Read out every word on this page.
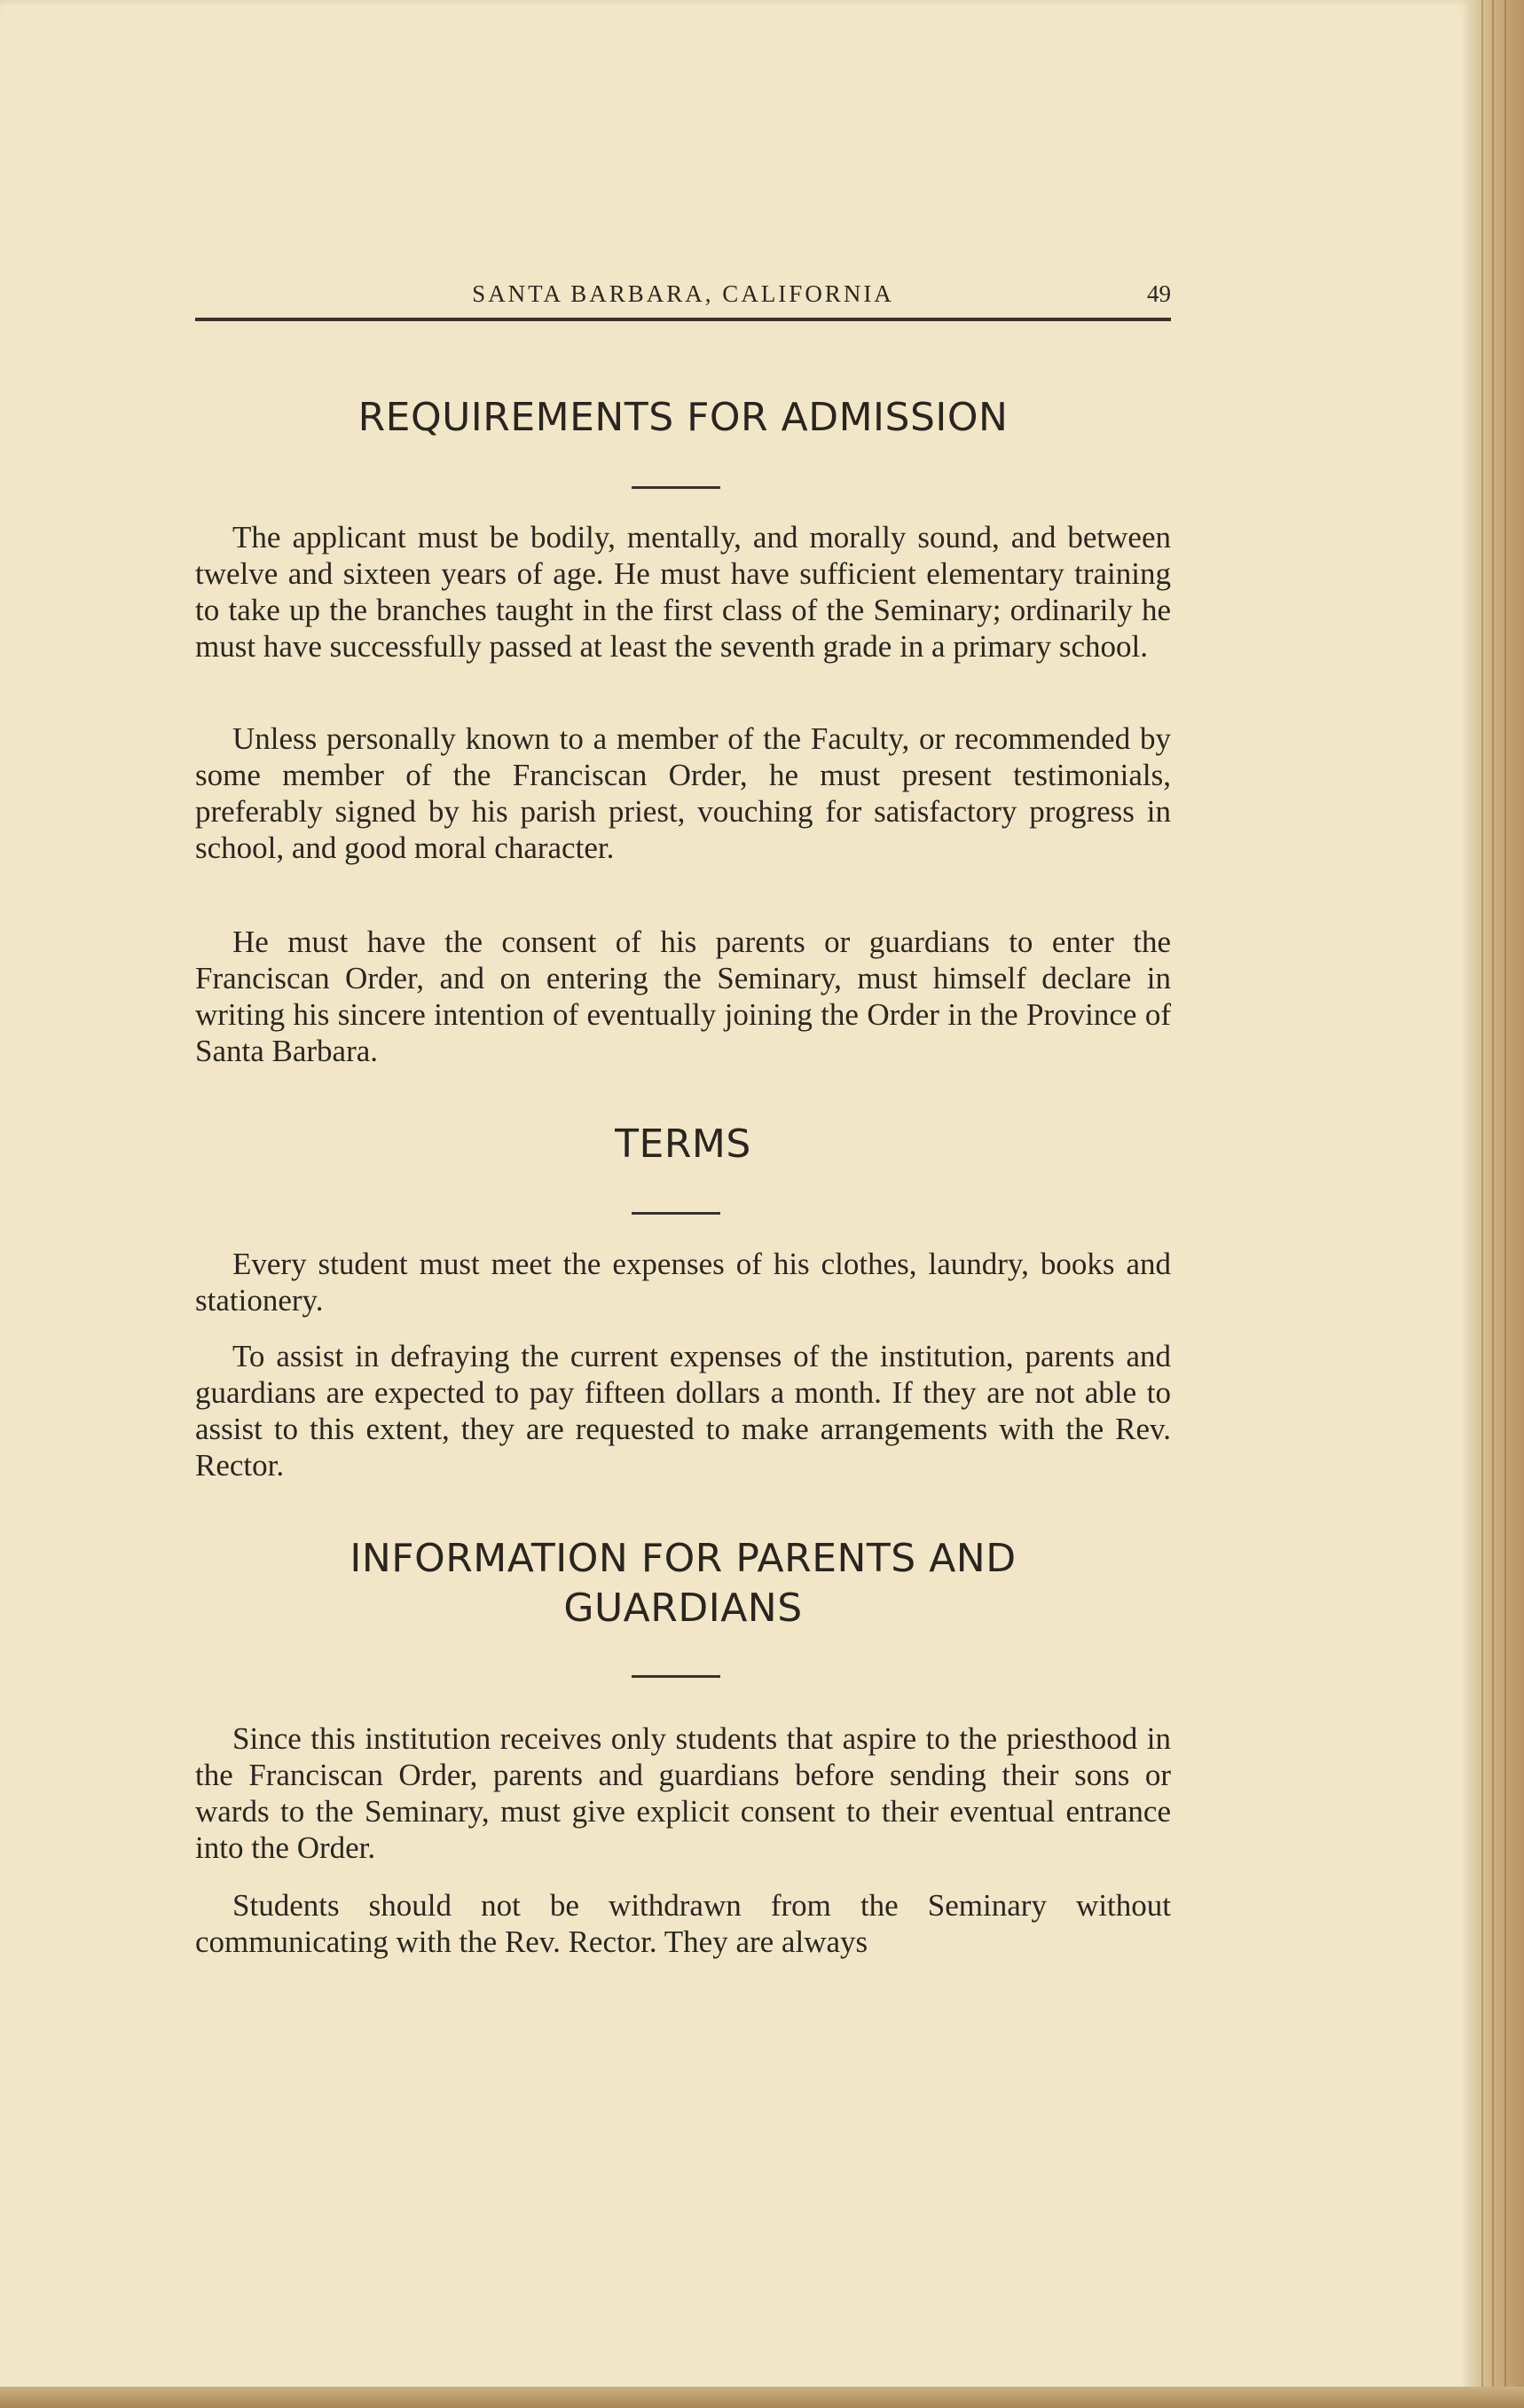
SANTA BARBARA, CALIFORNIA	49
REQUIREMENTS FOR ADMISSION

The applicant must be bodily, mentally, and morally sound, and between twelve and sixteen years of age. He must have sufficient elementary training to take up the branches taught in the first class of the Seminary; ordinarily he must have successfully passed at least the seventh grade in a primary school.

Unless personally known to a member of the Faculty, or recommended by some member of the Franciscan Order, he must present testimonials, preferably signed by his parish priest, vouching for satisfactory progress in school, and good moral character.

He must have the consent of his parents or guardians to enter the Franciscan Order, and on entering the Seminary, must himself declare in writing his sincere intention of eventually joining the Order in the Province of Santa Barbara.

TERMS

Every student must meet the expenses of his clothes, laundry, books and stationery.

To assist in defraying the current expenses of the institution, parents and guardians are expected to pay fifteen dollars a month. If they are not able to assist to this extent, they are requested to make arrangements with the Rev. Rector.

INFORMATION FOR PARENTS AND
GUARDIANS

Since this institution receives only students that aspire to the priesthood in the Franciscan Order, parents and guardians before sending their sons or wards to the Seminary, must give explicit consent to their eventual entrance into the Order.

Students should not be withdrawn from the Seminary without communicating with the Rev. Rector. They are always
